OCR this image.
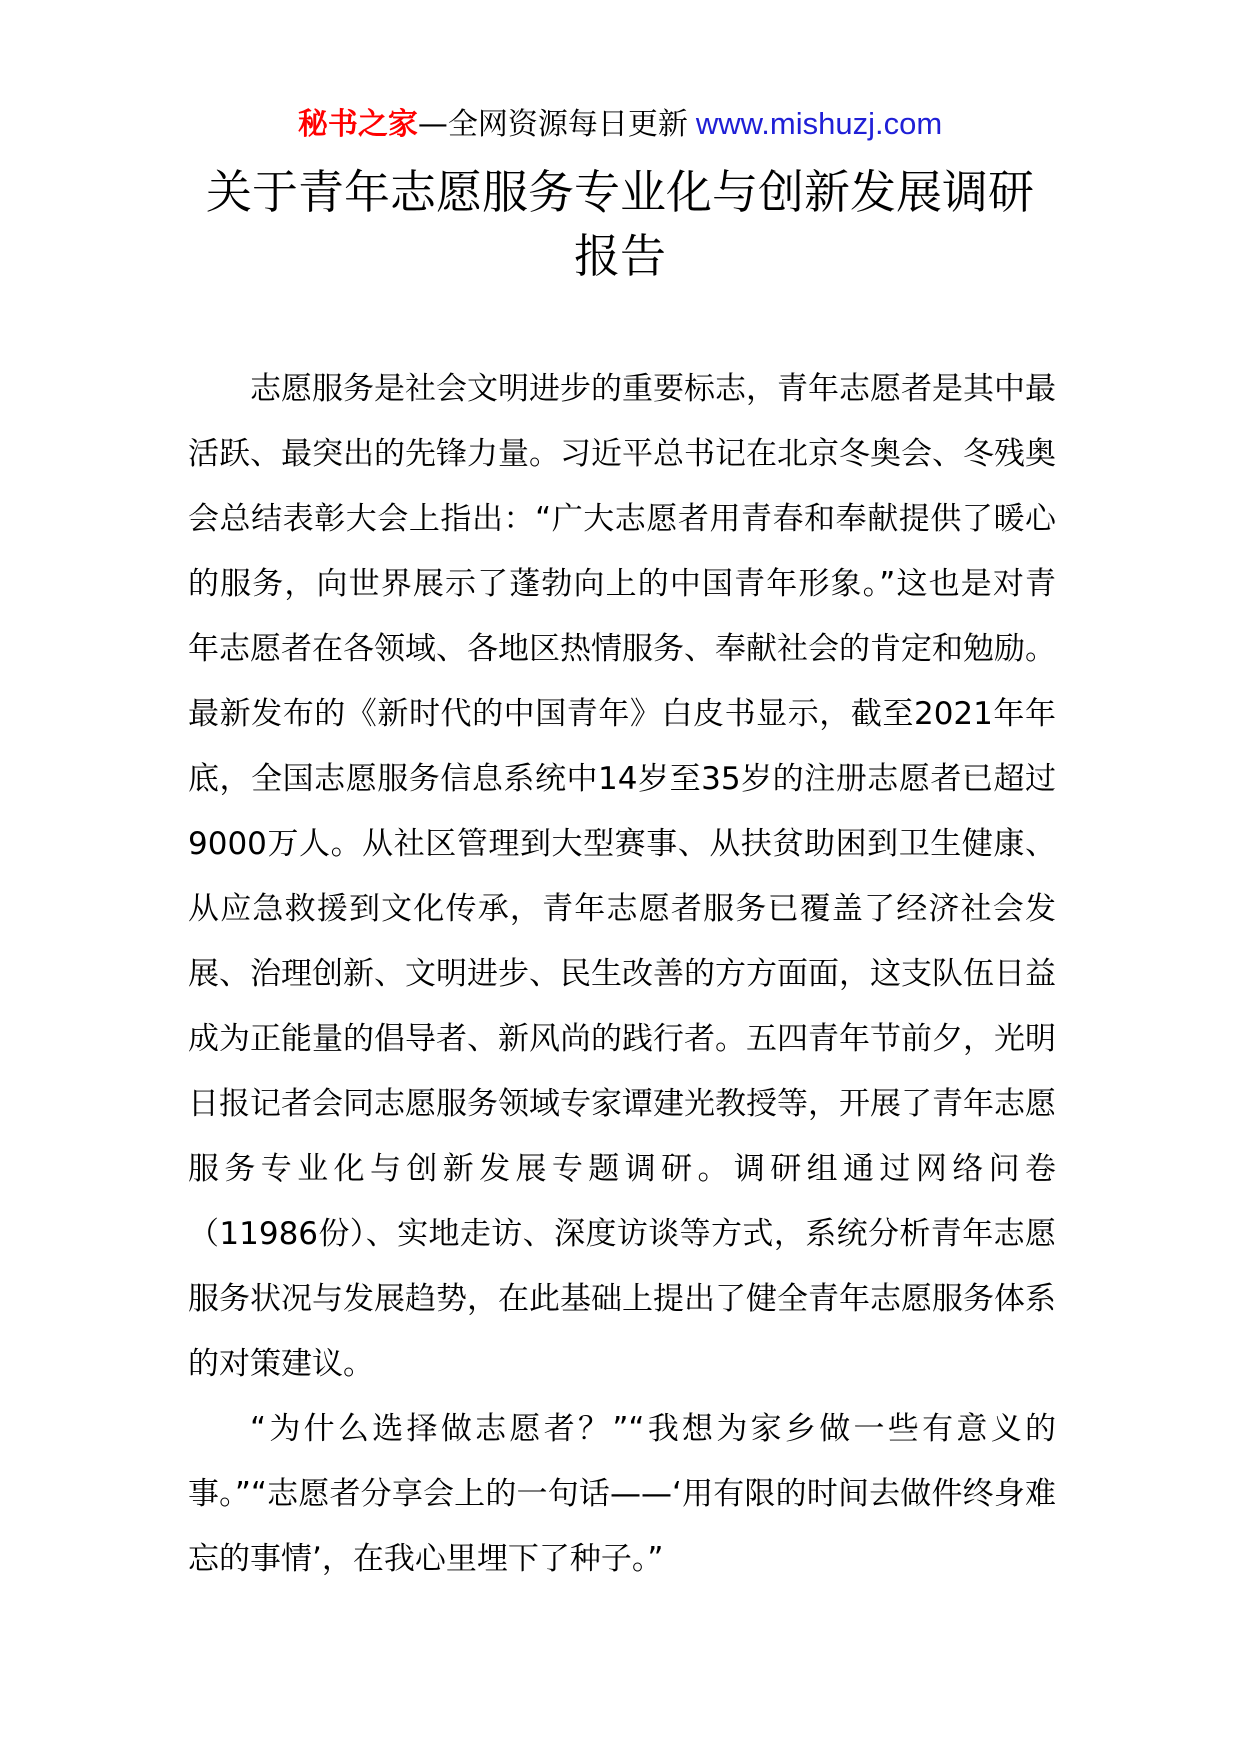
秘书之家—全网资源每日更新 www.mishuzj.com
关于青年志愿服务专业化与创新发展调研
报告

志愿服务是社会文明进步的重要标志，青年志愿者是其中最活跃、最突出的先锋力量。习近平总书记在北京冬奥会、冬残奥会总结表彰大会上指出：“广大志愿者用青春和奉献提供了暖心的服务，向世界展示了蓬勃向上的中国青年形象。”这也是对青年志愿者在各领域、各地区热情服务、奉献社会的肯定和勉励。最新发布的《新时代的中国青年》白皮书显示，截至2021年年底，全国志愿服务信息系统中14岁至35岁的注册志愿者已超过9000万人。从社区管理到大型赛事、从扶贫助困到卫生健康、从应急救援到文化传承，青年志愿者服务已覆盖了经济社会发展、治理创新、文明进步、民生改善的方方面面，这支队伍日益成为正能量的倡导者、新风尚的践行者。五四青年节前夕，光明日报记者会同志愿服务领域专家谭建光教授等，开展了青年志愿服务专业化与创新发展专题调研。调研组通过网络问卷（11986份）、实地走访、深度访谈等方式，系统分析青年志愿服务状况与发展趋势，在此基础上提出了健全青年志愿服务体系的对策建议。

“为什么选择做志愿者？”“我想为家乡做一些有意义的事。”“志愿者分享会上的一句话——‘用有限的时间去做件终身难忘的事情’，在我心里埋下了种子。”
